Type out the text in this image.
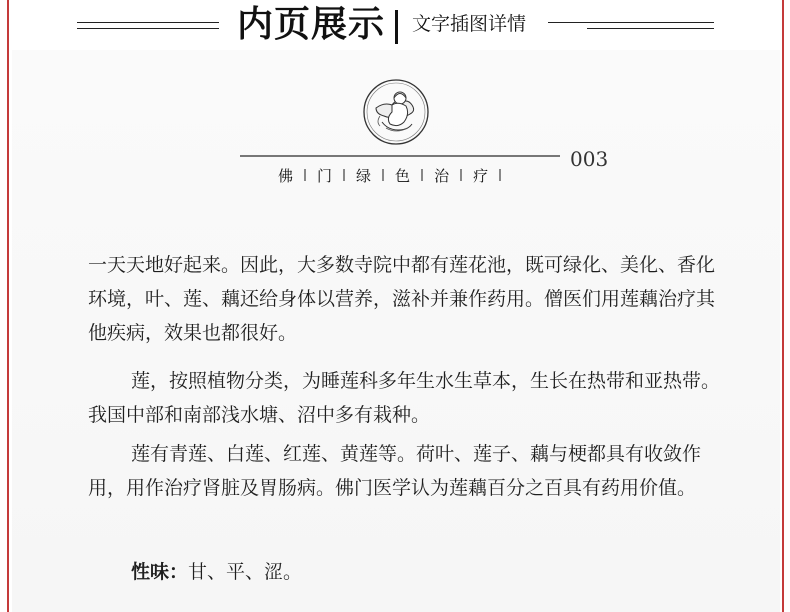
内页展示 文字插图详情
003
佛 门 绿 色 治 疗

一天天地好起来。因此，大多数寺院中都有莲花池，既可绿化、美化、香化环境，叶、莲、藕还给身体以营养，滋补并兼作药用。僧医们用莲藕治疗其他疾病，效果也都很好。

莲，按照植物分类，为睡莲科多年生水生草本，生长在热带和亚热带。我国中部和南部浅水塘、沼中多有栽种。

莲有青莲、白莲、红莲、黄莲等。荷叶、莲子、藕与梗都具有收敛作用，用作治疗肾脏及胃肠病。佛门医学认为莲藕百分之百具有药用价值。

性味：甘、平、涩。
